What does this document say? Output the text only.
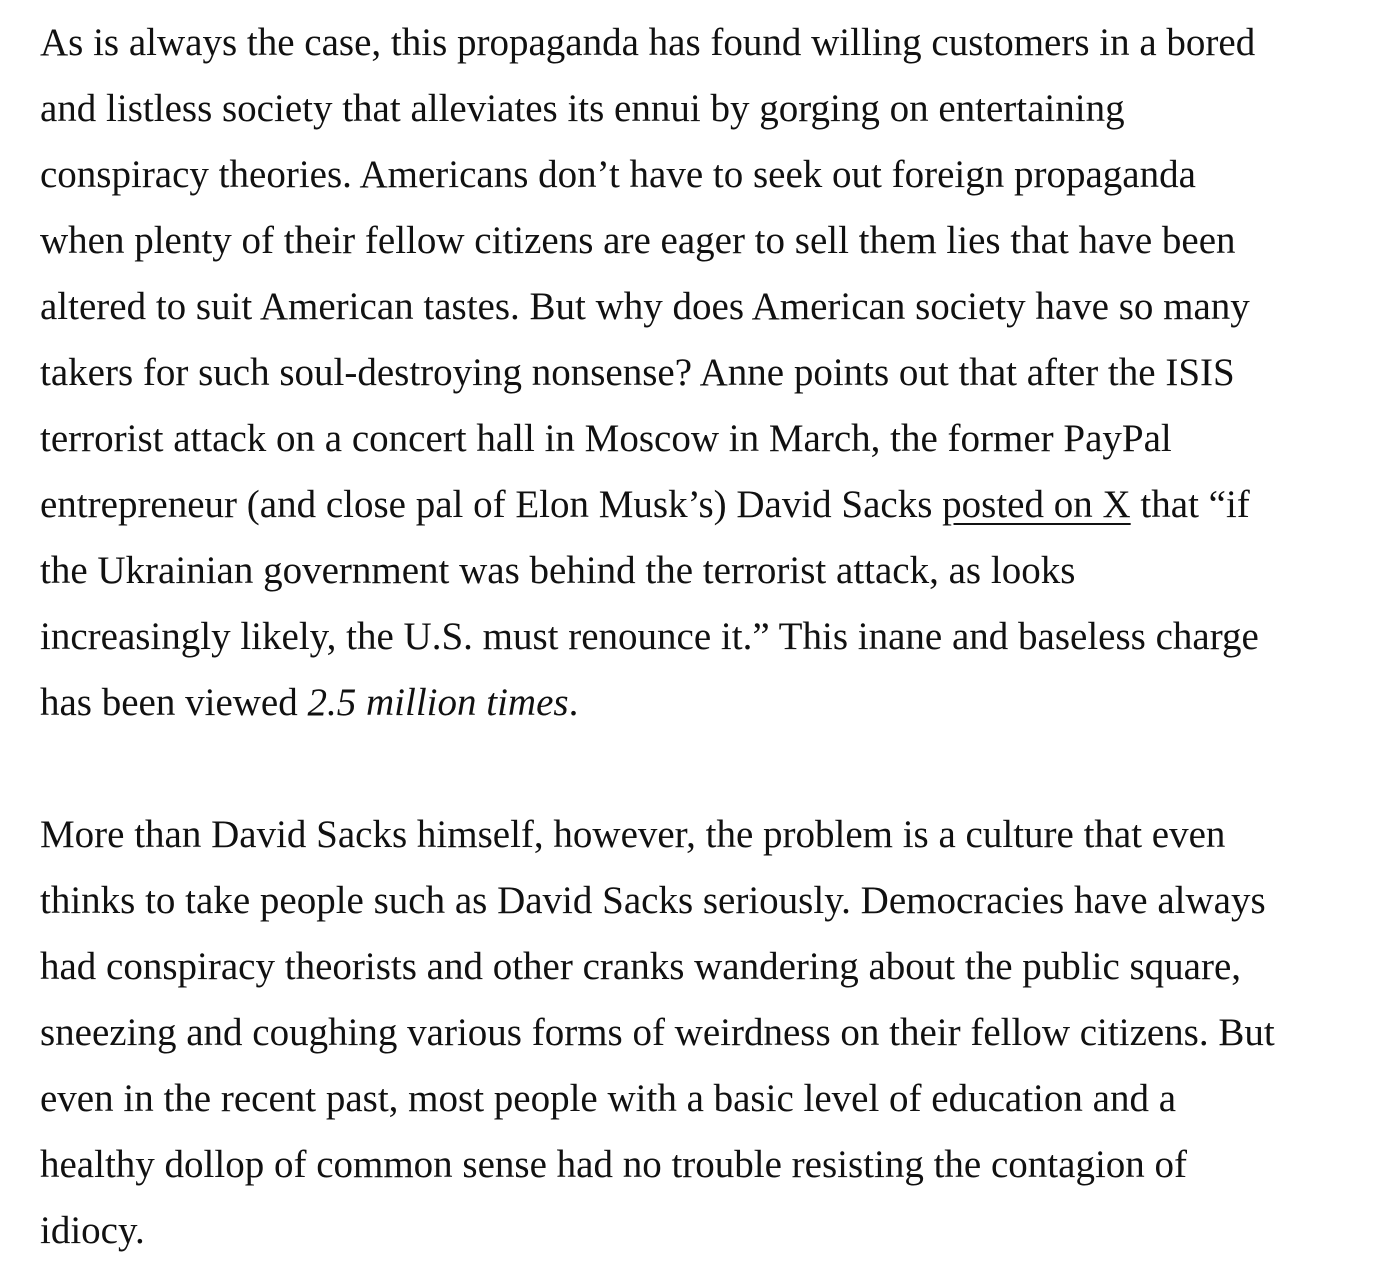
As is always the case, this propaganda has found willing customers in a bored
and listless society that alleviates its ennui by gorging on entertaining
conspiracy theories. Americans don’t have to seek out foreign propaganda
when plenty of their fellow citizens are eager to sell them lies that have been
altered to suit American tastes. But why does American society have so many
takers for such soul-destroying nonsense? Anne points out that after the ISIS
terrorist attack on a concert hall in Moscow in March, the former PayPal
entrepreneur (and close pal of Elon Musk’s) David Sacks posted on X that “if
the Ukrainian government was behind the terrorist attack, as looks
increasingly likely, the U.S. must renounce it.” This inane and baseless charge
has been viewed 2.5 million times.

More than David Sacks himself, however, the problem is a culture that even
thinks to take people such as David Sacks seriously. Democracies have always
had conspiracy theorists and other cranks wandering about the public square,
sneezing and coughing various forms of weirdness on their fellow citizens. But
even in the recent past, most people with a basic level of education and a
healthy dollop of common sense had no trouble resisting the contagion of
idiocy.
